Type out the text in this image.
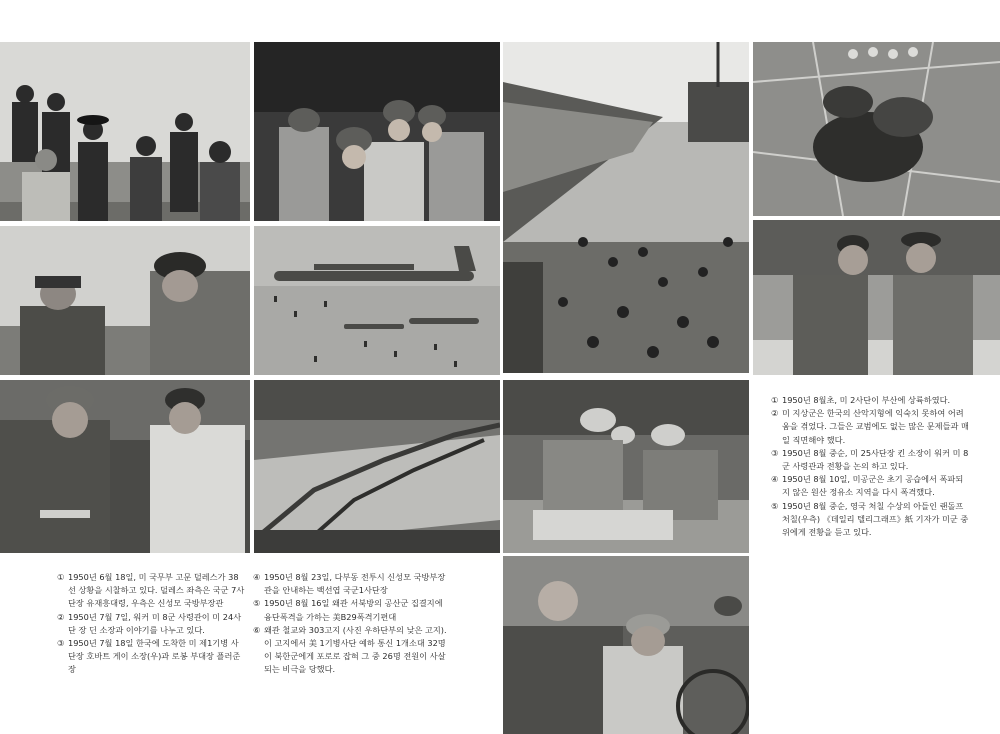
① 1950년 6월 18일, 미 국무부 고문 덜레스가 38선 상황을 시찰하고 있다. 덜레스 좌측은 국군 7사단장 유재흥대령, 우측은 신성모 국방부장관
② 1950년 7월 7일, 워커 미 8군 사령관이 미 24사단 장 딘 소장과 이야기를 나누고 있다.
③ 1950년 7월 18일 한국에 도착한 미 제1기병 사단장 호바트 게이 소장(우)과 로봉 부대장 플러준장
④ 1950년 8월 23일, 다부동 전투시 신성모 국방부장관을 안내하는 백선엽 국군1사단장
⑤ 1950년 8월 16일 왜관 서북방의 공산군 집결지에 융단폭격을 가하는 美B29폭격기편대
⑥ 왜관 철교와 303고지 (사진 우하단부의 낮은 고지). 이 고지에서 美 1기병사단 예하 통신 1개소대 32명이 북한군에게 포로로 잡혀 그 중 26명 전원이 사살되는 비극을 당했다.
① 1950년 8월초, 미 2사단이 부산에 상륙하였다.
② 미 지상군은 한국의 산악지형에 익숙치 못하여 어려움을 겪었다. 그들은 교범에도 없는 많은 문제들과 매일 직면해야 했다.
③ 1950년 8월 중순, 미 25사단장 킨 소장이 워커 미 8군 사령관과 전황을 논의 하고 있다.
④ 1950년 8월 10일, 미공군은 초기 공습에서 폭파되지 않은 원산 정유소 지역을 다시 폭격했다.
⑤ 1950년 8월 중순, 영국 처칠 수상의 아들인 랜돌프 처칠(우측) 《데일리 텔리그래프》紙 기자가 미군 중위에게 전황을 듣고 있다.
